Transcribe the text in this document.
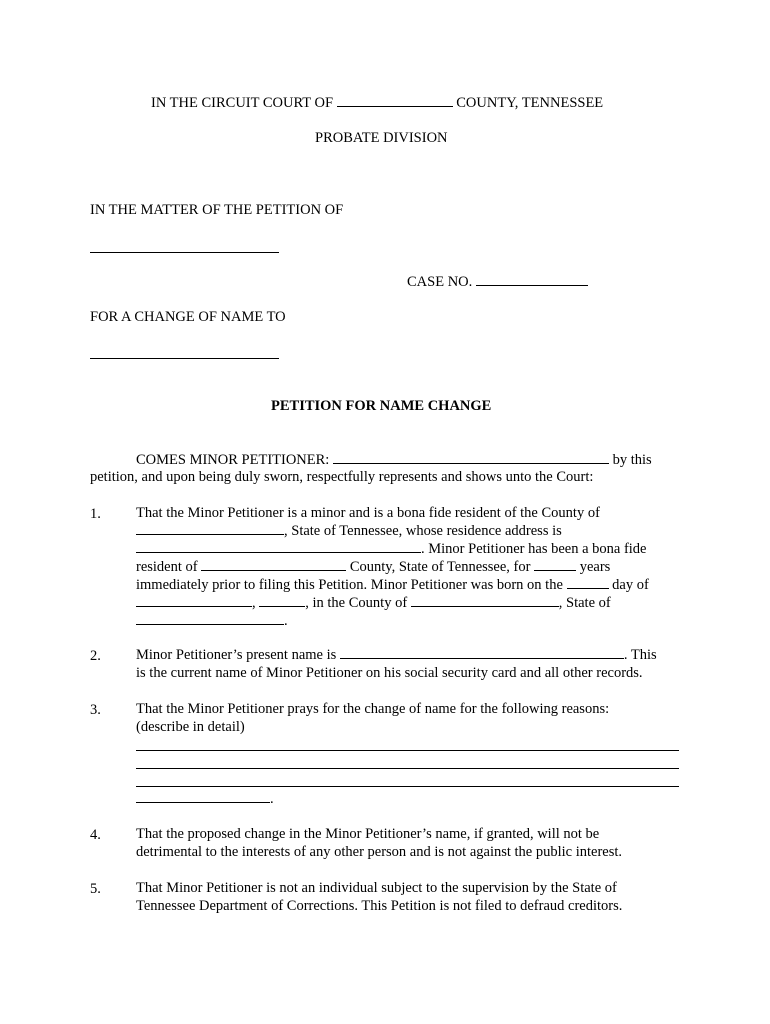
IN THE CIRCUIT COURT OF	COUNTY, TENNESSEE
PROBATE DIVISION
IN THE MATTER OF THE PETITION OF
CASE NO.
FOR A CHANGE OF NAME TO
PETITION FOR NAME CHANGE
COMES MINOR PETITIONER:	by this
petition, and upon being duly sworn, respectfully represents and shows unto the Court:
1. That the Minor Petitioner is a minor and is a bona fide resident of the County of
, State of Tennessee, whose residence address is
. Minor Petitioner has been a bona fide
resident of	County, State of Tennessee, for	years
immediately prior to filing this Petition. Minor Petitioner was born on the	day of
,	, in the County of	, State of
.
2. Minor Petitioner’s present name is	. This
is the current name of Minor Petitioner on his social security card and all other records.
3. That the Minor Petitioner prays for the change of name for the following reasons:
(describe in detail)
.
4. That the proposed change in the Minor Petitioner’s name, if granted, will not be
detrimental to the interests of any other person and is not against the public interest.
5. That Minor Petitioner is not an individual subject to the supervision by the State of
Tennessee Department of Corrections. This Petition is not filed to defraud creditors.
